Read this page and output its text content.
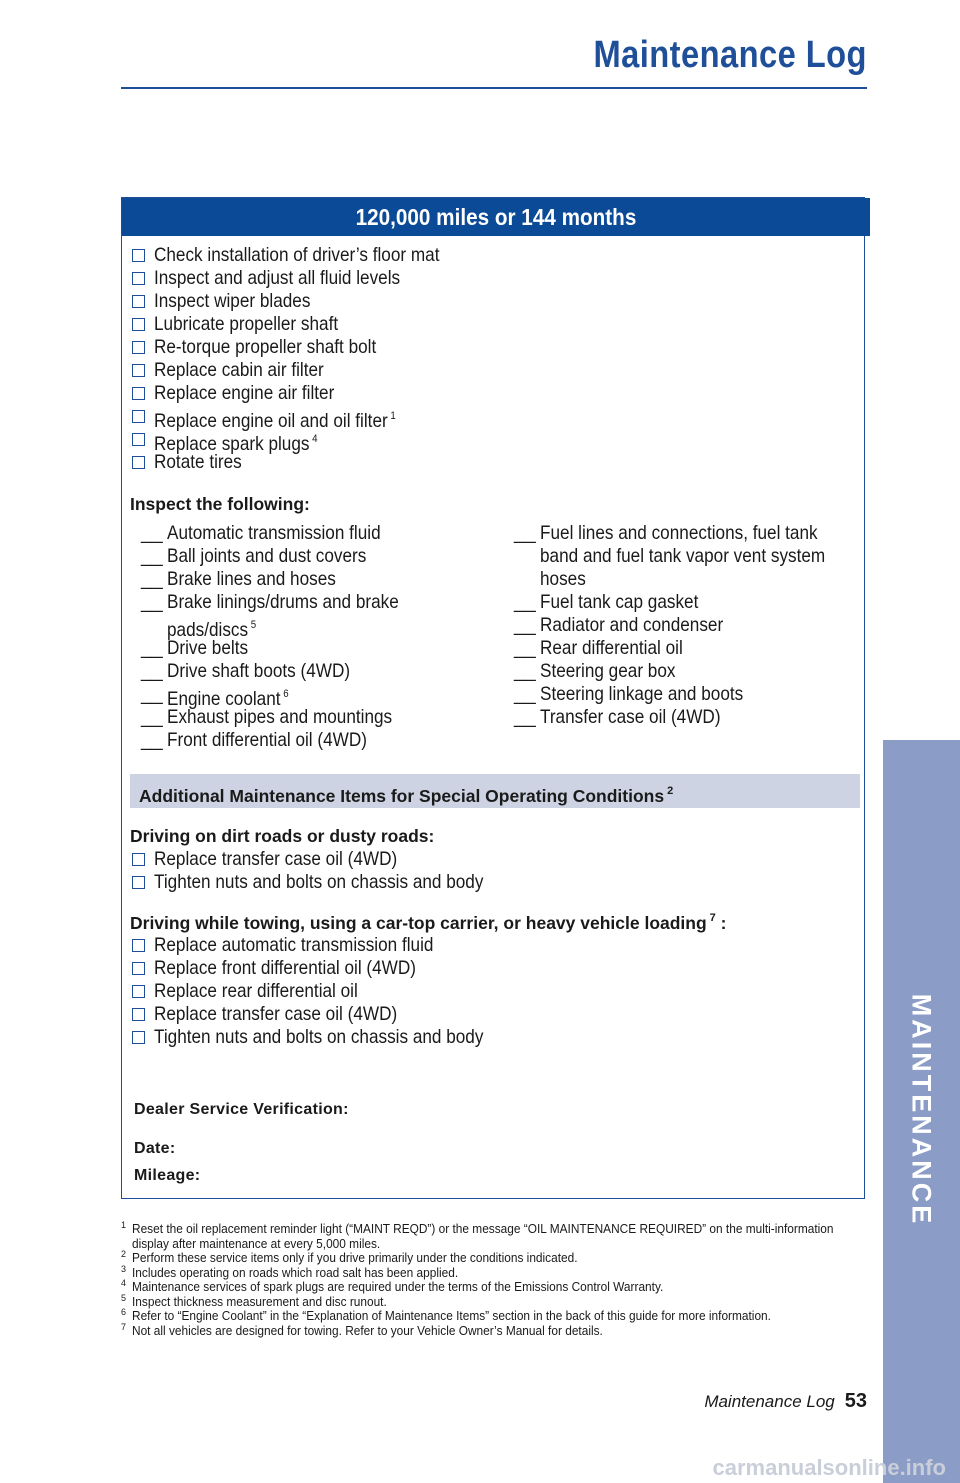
Maintenance Log
MAINTENANCE
120,000 miles or 144 months
Check installation of driver’s floor mat
Inspect and adjust all fluid levels
Inspect wiper blades
Lubricate propeller shaft
Re-torque propeller shaft bolt
Replace cabin air filter
Replace engine air filter
Replace engine oil and oil filter $^1$
Replace spark plugs $^4$
Rotate tires
Inspect the following:
__ Automatic transmission fluid
__ Ball joints and dust covers
__ Brake lines and hoses
__ Brake linings/drums and brake
pads/discs $^5$
__ Drive belts
__ Drive shaft boots (4WD)
__ Engine coolant $^6$
__ Exhaust pipes and mountings
__ Front differential oil (4WD)
__ Fuel lines and connections, fuel tank
band and fuel tank vapor vent system
hoses
__ Fuel tank cap gasket
__ Radiator and condenser
__ Rear differential oil
__ Steering gear box
__ Steering linkage and boots
__ Transfer case oil (4WD)
Additional Maintenance Items for Special Operating Conditions $^2$
Driving on dirt roads or dusty roads:
Replace transfer case oil (4WD)
Tighten nuts and bolts on chassis and body
Driving while towing, using a car-top carrier, or heavy vehicle loading $^7$ :
Replace automatic transmission fluid
Replace front differential oil (4WD)
Replace rear differential oil
Replace transfer case oil (4WD)
Tighten nuts and bolts on chassis and body
Dealer Service Verification:
Date:
Mileage:
1 Reset the oil replacement reminder light (“MAINT REQD”) or the message “OIL MAINTENANCE REQUIRED” on the multi-information display after maintenance at every 5,000 miles.
2 Perform these service items only if you drive primarily under the conditions indicated.
3 Includes operating on roads which road salt has been applied.
4 Maintenance services of spark plugs are required under the terms of the Emissions Control Warranty.
5 Inspect thickness measurement and disc runout.
6 Refer to “Engine Coolant” in the “Explanation of Maintenance Items” section in the back of this guide for more information.
7 Not all vehicles are designed for towing. Refer to your Vehicle Owner’s Manual for details.
Maintenance Log 53
carmanualsonline.info
